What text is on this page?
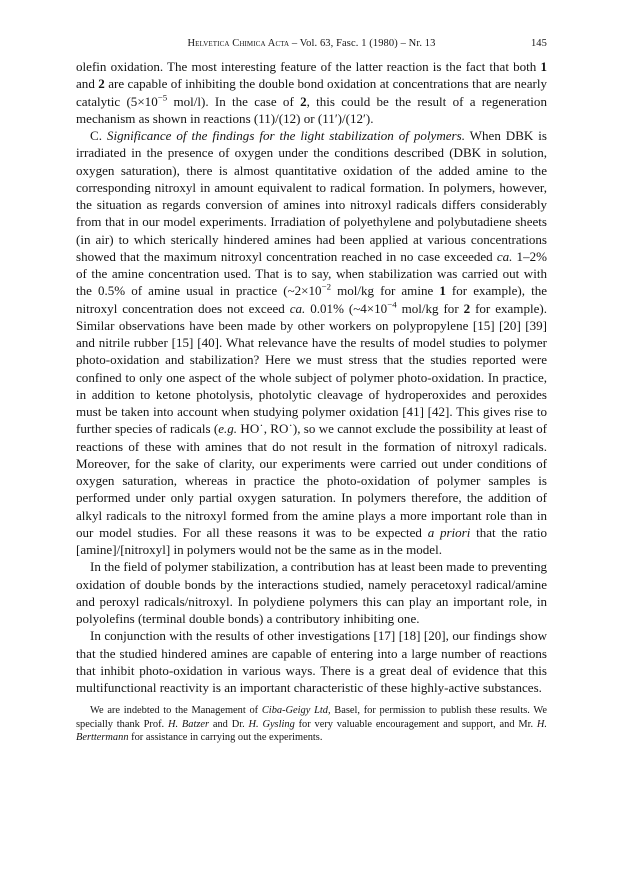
Helvetica Chimica Acta – Vol. 63, Fasc. 1 (1980) – Nr. 13	145

olefin oxidation. The most interesting feature of the latter reaction is the fact that both 1 and 2 are capable of inhibiting the double bond oxidation at concentrations that are nearly catalytic ($5\times 10^{-5}$ mol/l). In the case of 2, this could be the result of a regeneration mechanism as shown in reactions (11)/(12) or (11′)/(12′).

C. Significance of the findings for the light stabilization of polymers. When DBK is irradiated in the presence of oxygen under the conditions described (DBK in solution, oxygen saturation), there is almost quantitative oxidation of the added amine to the corresponding nitroxyl in amount equivalent to radical formation. In polymers, however, the situation as regards conversion of amines into nitroxyl radicals differs considerably from that in our model experiments. Irradiation of polyethylene and polybutadiene sheets (in air) to which sterically hindered amines had been applied at various concentrations showed that the maximum nitroxyl concentration reached in no case exceeded ca. 1–2% of the amine concentration used. That is to say, when stabilization was carried out with the 0.5% of amine usual in practice ($\sim 2\times 10^{-2}$ mol/kg for amine 1 for example), the nitroxyl concentration does not exceed ca. 0.01% ($\sim 4\times 10^{-4}$ mol/kg for 2 for example). Similar observations have been made by other workers on polypropylene [15] [20] [39] and nitrile rubber [15] [40]. What relevance have the results of model studies to polymer photo-oxidation and stabilization? Here we must stress that the studies reported were confined to only one aspect of the whole subject of polymer photo-oxidation. In practice, in addition to ketone photolysis, photolytic cleavage of hydroperoxides and peroxides must be taken into account when studying polymer oxidation [41] [42]. This gives rise to further species of radicals (e.g. HO˙, RO˙), so we cannot exclude the possibility at least of reactions of these with amines that do not result in the formation of nitroxyl radicals. Moreover, for the sake of clarity, our experiments were carried out under conditions of oxygen saturation, whereas in practice the photo-oxidation of polymer samples is performed under only partial oxygen saturation. In polymers therefore, the addition of alkyl radicals to the nitroxyl formed from the amine plays a more important role than in our model studies. For all these reasons it was to be expected a priori that the ratio [amine]/[nitroxyl] in polymers would not be the same as in the model.

In the field of polymer stabilization, a contribution has at least been made to preventing oxidation of double bonds by the interactions studied, namely peracetoxyl radical/amine and peroxyl radicals/nitroxyl. In polydiene polymers this can play an important role, in polyolefins (terminal double bonds) a contributory inhibiting one.

In conjunction with the results of other investigations [17] [18] [20], our findings show that the studied hindered amines are capable of entering into a large number of reactions that inhibit photo-oxidation in various ways. There is a great deal of evidence that this multifunctional reactivity is an important characteristic of these highly-active substances.

We are indebted to the Management of Ciba-Geigy Ltd, Basel, for permission to publish these results. We specially thank Prof. H. Batzer and Dr. H. Gysling for very valuable encouragement and support, and Mr. H. Berttermann for assistance in carrying out the experiments.
